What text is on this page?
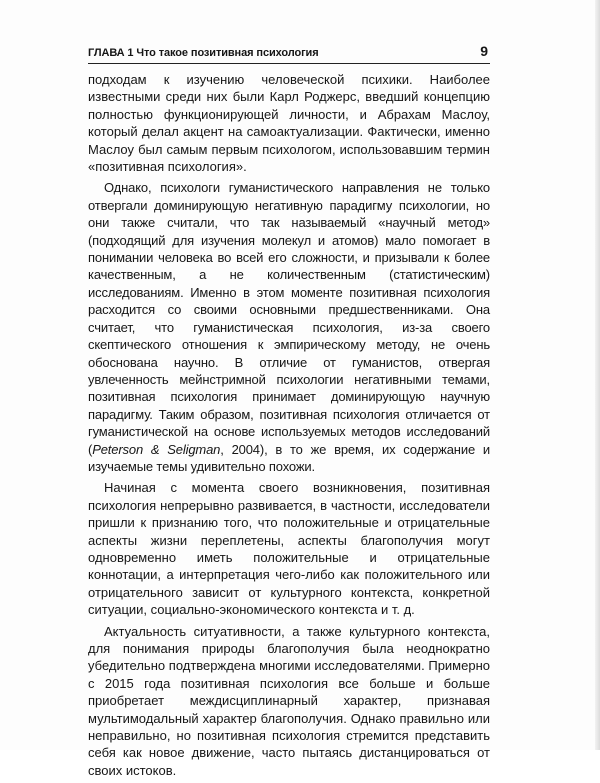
ГЛАВА 1 Что такое позитивная психология	9

подходам к изучению человеческой психики. Наиболее известными среди них были Карл Роджерс, введший концепцию полностью функционирующей личности, и Абрахам Маслоу, который делал акцент на самоактуализации. Фактически, именно Маслоу был самым первым психологом, использовавшим термин «позитивная психология».

Однако, психологи гуманистического направления не только отвергали доминирующую негативную парадигму психологии, но они также считали, что так называемый «научный метод» (подходящий для изучения молекул и атомов) мало помогает в понимании человека во всей его сложности, и призывали к более качественным, а не количественным (статистическим) исследованиям. Именно в этом моменте позитивная психология расходится со своими основными предшественниками. Она считает, что гуманистическая психология, из-за своего скептического отношения к эмпирическому методу, не очень обоснована научно. В отличие от гуманистов, отвергая увлеченность мейнстримной психологии негативными темами, позитивная психология принимает доминирующую научную парадигму. Таким образом, позитивная психология отличается от гуманистической на основе используемых методов исследований (Peterson & Seligman, 2004), в то же время, их содержание и изучаемые темы удивительно похожи.

Начиная с момента своего возникновения, позитивная психология непрерывно развивается, в частности, исследователи пришли к признанию того, что положительные и отрицательные аспекты жизни переплетены, аспекты благополучия могут одновременно иметь положительные и отрицательные коннотации, а интерпретация чего-либо как положительного или отрицательного зависит от культурного контекста, конкретной ситуации, социально-экономического контекста и т. д.

Актуальность ситуативности, а также культурного контекста, для понимания природы благополучия была неоднократно убедительно подтверждена многими исследователями. Примерно с 2015 года позитивная психология все больше и больше приобретает междисциплинарный характер, признавая мультимодальный характер благополучия. Однако правильно или неправильно, но позитивная психология стремится представить себя как новое движение, часто пытаясь дистанцироваться от своих истоков.
